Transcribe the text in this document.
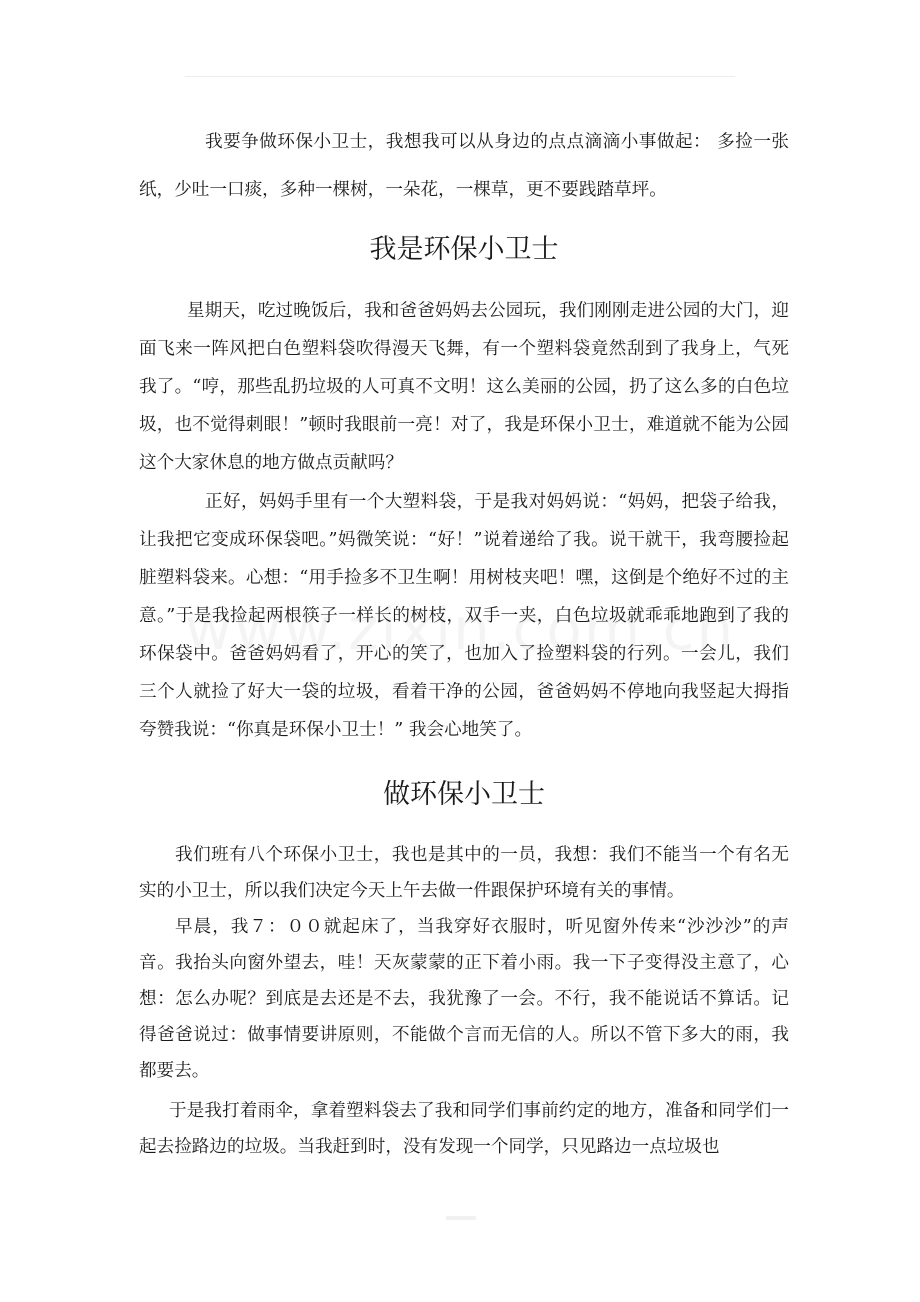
我要争做环保小卫士，我想我可以从身边的点点滴滴小事做起： 多捡一张纸，少吐一口痰，多种一棵树，一朵花，一棵草，更不要践踏草坪。

我是环保小卫士

星期天，吃过晚饭后，我和爸爸妈妈去公园玩，我们刚刚走进公园的大门，迎面飞来一阵风把白色塑料袋吹得漫天飞舞，有一个塑料袋竟然刮到了我身上，气死我了。“哼，那些乱扔垃圾的人可真不文明！这么美丽的公园，扔了这么多的白色垃圾，也不觉得刺眼！”顿时我眼前一亮！对了，我是环保小卫士，难道就不能为公园这个大家休息的地方做点贡献吗？

正好，妈妈手里有一个大塑料袋，于是我对妈妈说：“妈妈，把袋子给我，让我把它变成环保袋吧。”妈微笑说：“好！”说着递给了我。说干就干，我弯腰捡起脏塑料袋来。心想：“用手捡多不卫生啊！用树枝夹吧！嘿，这倒是个绝好不过的主意。”于是我捡起两根筷子一样长的树枝，双手一夹，白色垃圾就乖乖地跑到了我的环保袋中。爸爸妈妈看了，开心的笑了，也加入了捡塑料袋的行列。一会儿，我们三个人就捡了好大一袋的垃圾，看着干净的公园，爸爸妈妈不停地向我竖起大拇指夸赞我说：“你真是环保小卫士！” 我会心地笑了。

做环保小卫士

我们班有八个环保小卫士，我也是其中的一员，我想：我们不能当一个有名无实的小卫士，所以我们决定今天上午去做一件跟保护环境有关的事情。

早晨，我７：００就起床了，当我穿好衣服时，听见窗外传来“沙沙沙”的声音。我抬头向窗外望去，哇！天灰蒙蒙的正下着小雨。我一下子变得没主意了，心想：怎么办呢？到底是去还是不去，我犹豫了一会。不行，我不能说话不算话。记得爸爸说过：做事情要讲原则，不能做个言而无信的人。所以不管下多大的雨，我都要去。

于是我打着雨伞，拿着塑料袋去了我和同学们事前约定的地方，准备和同学们一起去捡路边的垃圾。当我赶到时，没有发现一个同学，只见路边一点垃圾也
